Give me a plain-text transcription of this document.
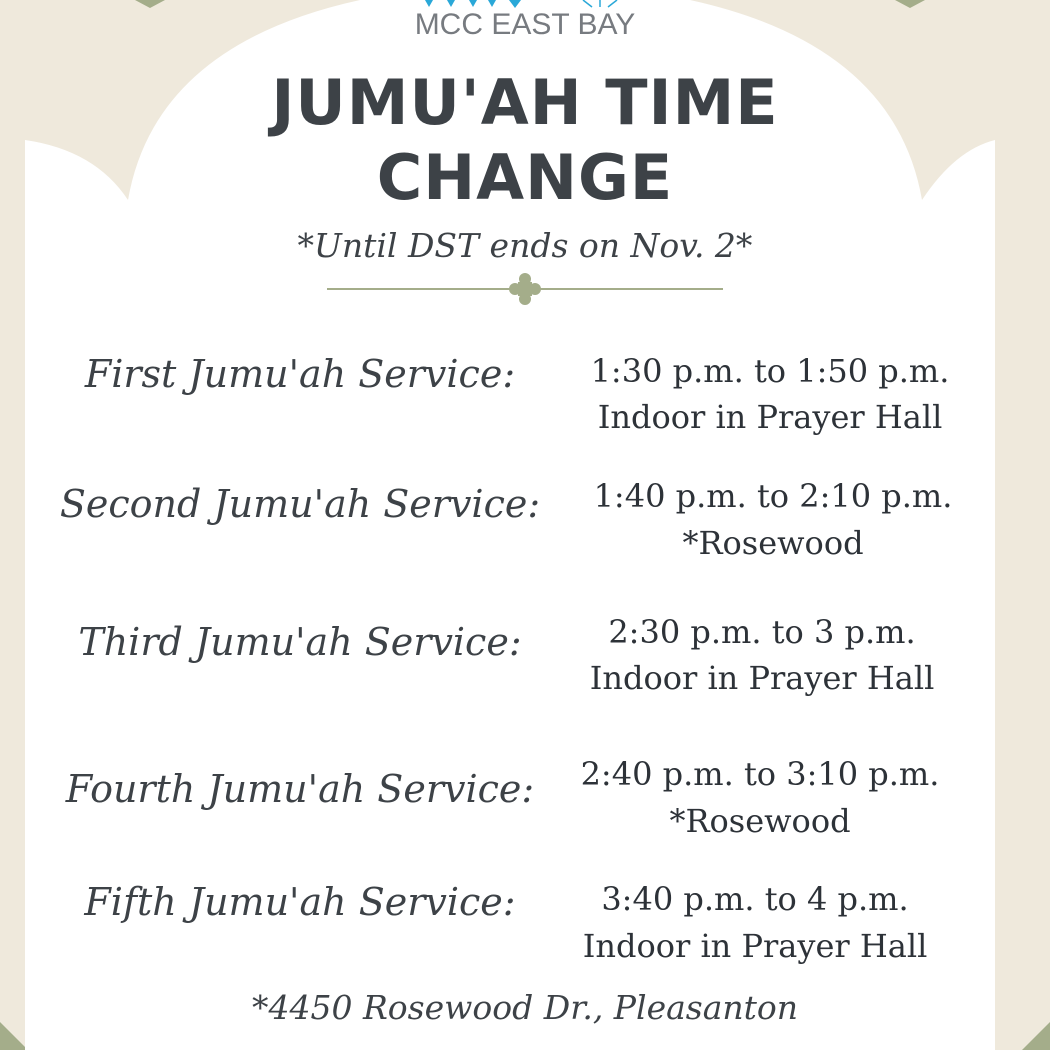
MCC EAST BAY
JUMU'AH TIME
CHANGE
*Until DST ends on Nov. 2*
First Jumu'ah Service:	1:30 p.m. to 1:50 p.m.
Indoor in Prayer Hall
Second Jumu'ah Service:	1:40 p.m. to 2:10 p.m.
*Rosewood
Third Jumu'ah Service:	2:30 p.m. to 3 p.m.
Indoor in Prayer Hall
Fourth Jumu'ah Service:	2:40 p.m. to 3:10 p.m.
*Rosewood
Fifth Jumu'ah Service:	3:40 p.m. to 4 p.m.
Indoor in Prayer Hall
*4450 Rosewood Dr., Pleasanton
